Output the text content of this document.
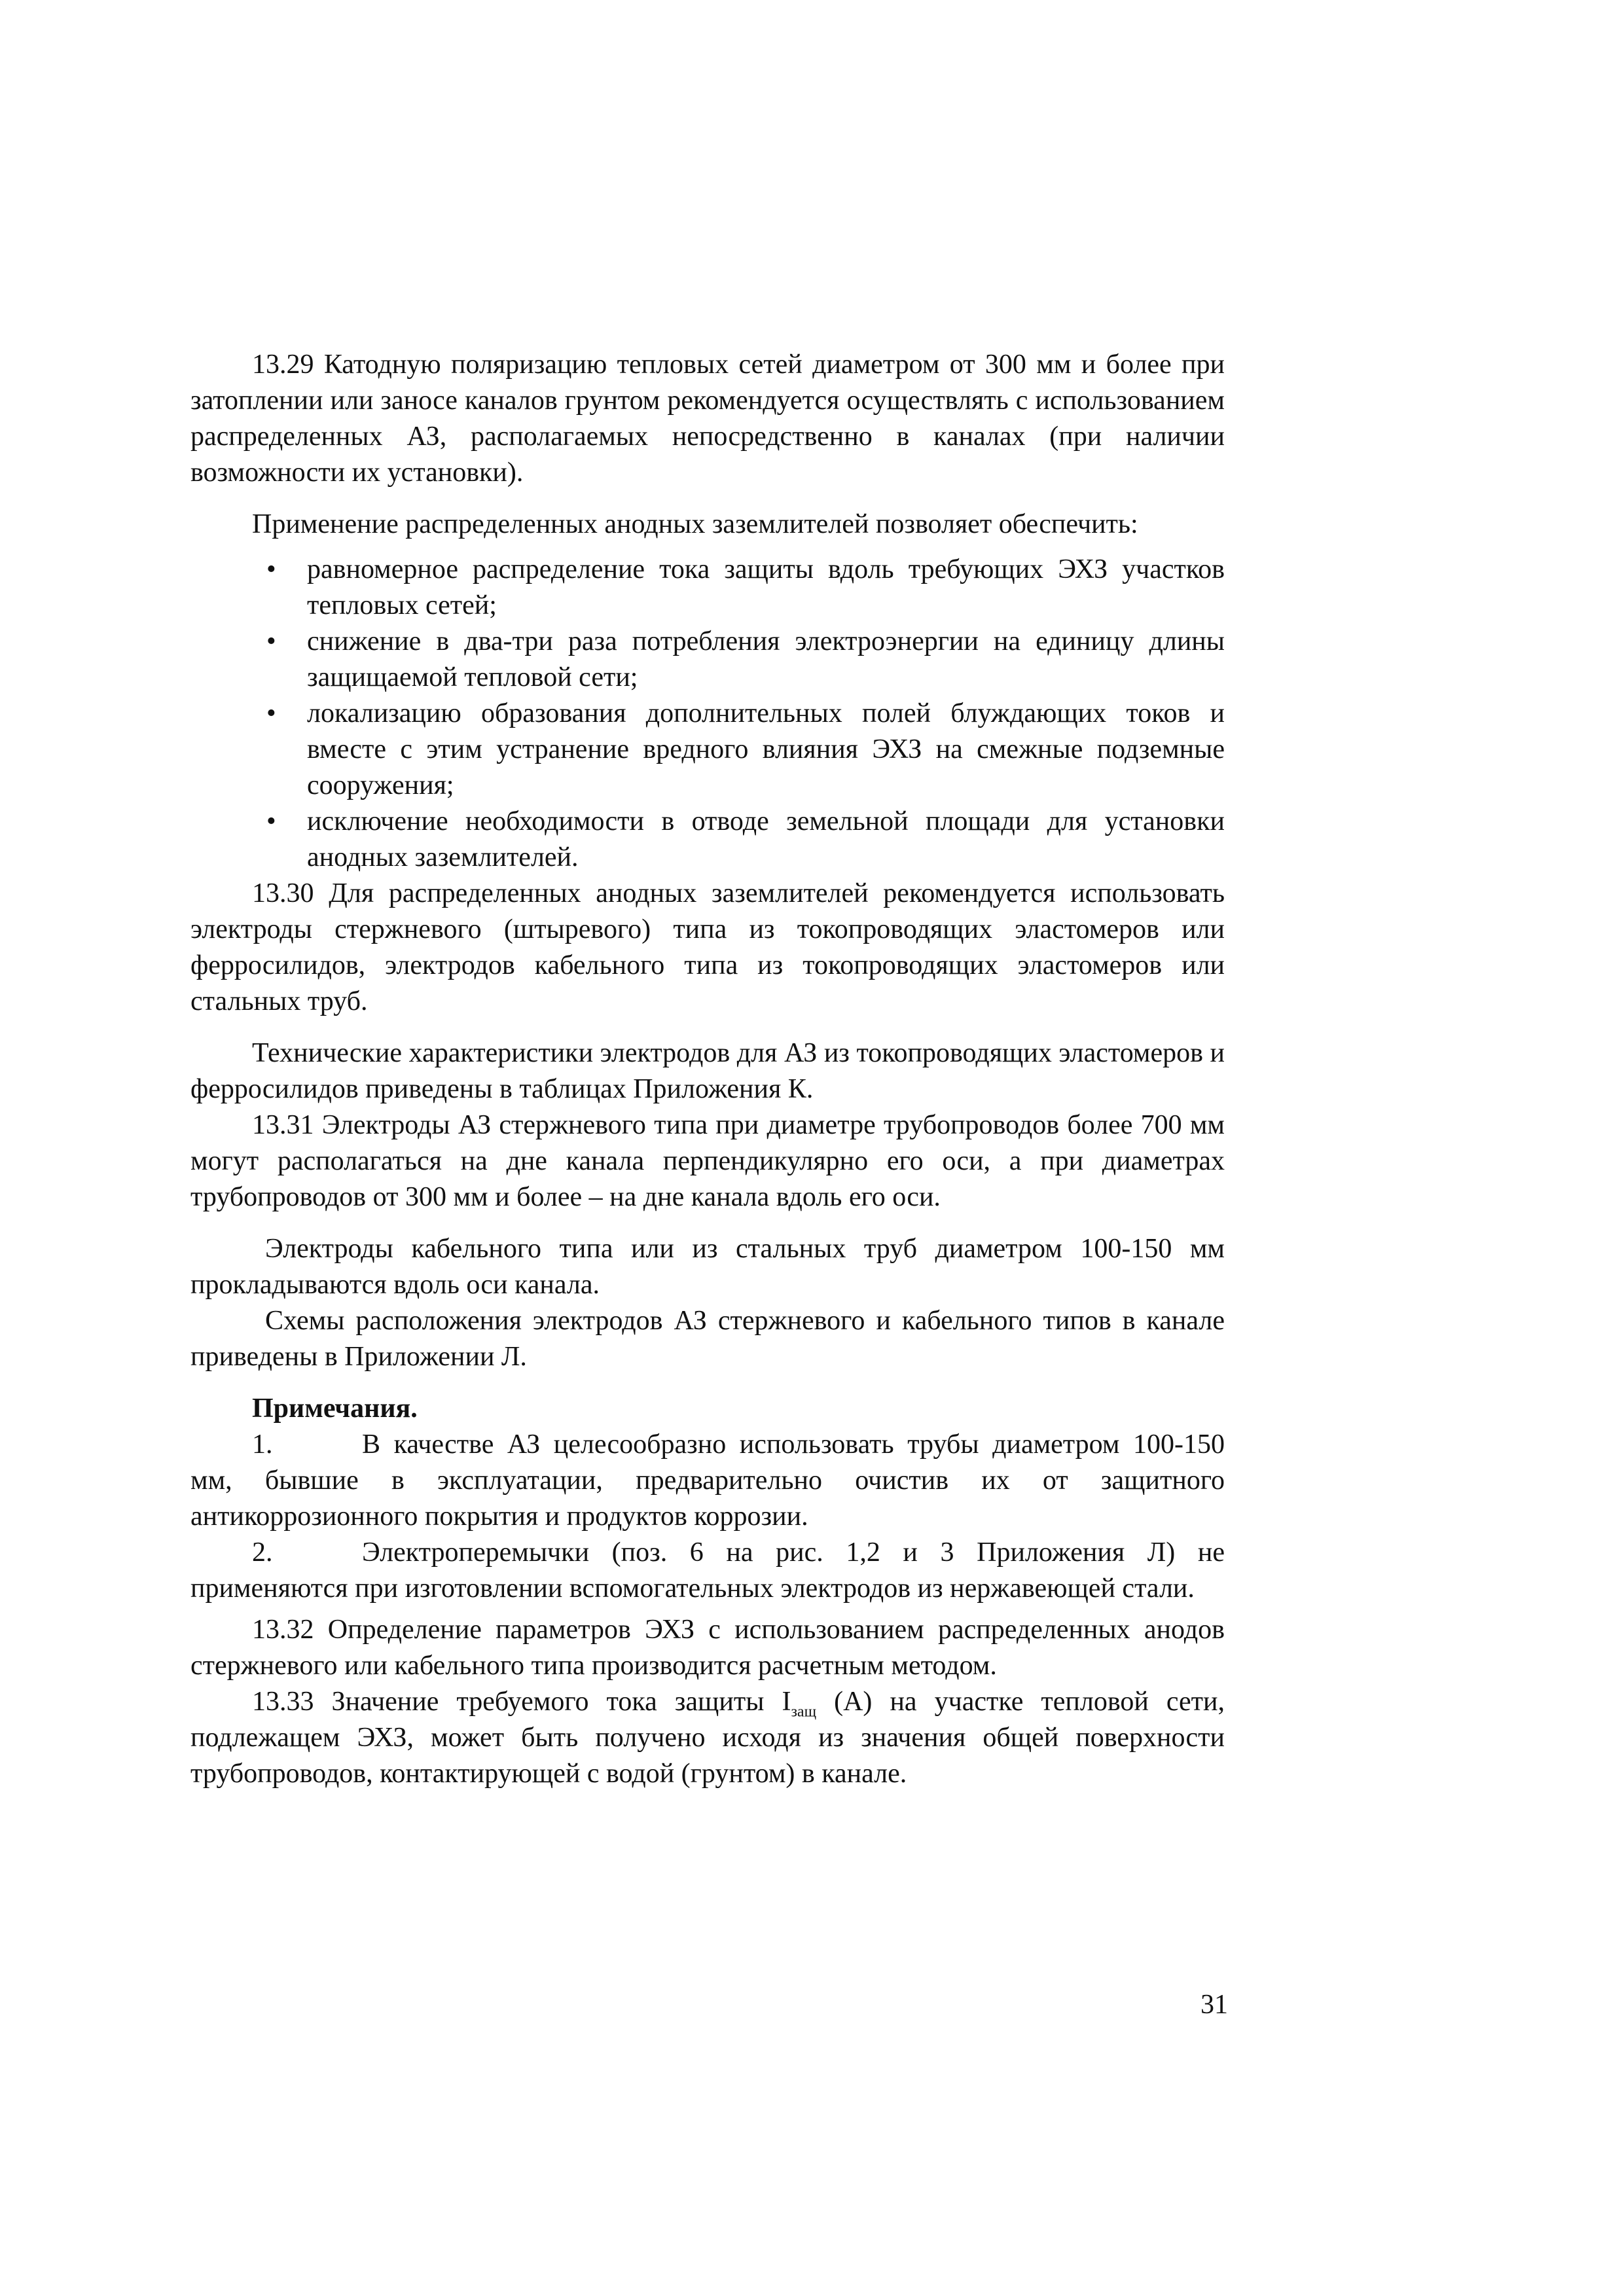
13.29 Катодную поляризацию тепловых сетей диаметром от 300 мм и более при затоплении или заносе каналов грунтом рекомендуется осуществлять с использованием распределенных АЗ, располагаемых непосредственно в каналах (при наличии возможности их установки).

Применение распределенных анодных заземлителей позволяет обеспечить:

• равномерное распределение тока защиты вдоль требующих ЭХЗ участков тепловых сетей;
• снижение в два-три раза потребления электроэнергии на единицу длины защищаемой тепловой сети;
• локализацию образования дополнительных полей блуждающих токов и вместе с этим устранение вредного влияния ЭХЗ на смежные подземные сооружения;
• исключение необходимости в отводе земельной площади для установки анодных заземлителей.

13.30 Для распределенных анодных заземлителей рекомендуется использовать электроды стержневого (штыревого) типа из токопроводящих эластомеров или ферросилидов, электродов кабельного типа из токопроводящих эластомеров или стальных труб.

Технические характеристики электродов для АЗ из токопроводящих эластомеров и ферросилидов приведены в таблицах Приложения К.

13.31 Электроды АЗ стержневого типа при диаметре трубопроводов более 700 мм могут располагаться на дне канала перпендикулярно его оси, а при диаметрах трубопроводов от 300 мм и более – на дне канала вдоль его оси.

Электроды кабельного типа или из стальных труб диаметром 100-150 мм прокладываются вдоль оси канала.

Схемы расположения электродов АЗ стержневого и кабельного типов в канале приведены в Приложении Л.

Примечания.

1.	В качестве АЗ целесообразно использовать трубы диаметром 100-150 мм, бывшие в эксплуатации, предварительно очистив их от защитного антикоррозионного покрытия и продуктов коррозии.

2.	Электроперемычки (поз. 6 на рис. 1,2 и 3 Приложения Л) не применяются при изготовлении вспомогательных электродов из нержавеющей стали.

13.32 Определение параметров ЭХЗ с использованием распределенных анодов стержневого или кабельного типа производится расчетным методом.

13.33 Значение требуемого тока защиты $I_{защ}$ (А) на участке тепловой сети, подлежащем ЭХЗ, может быть получено исходя из значения общей поверхности трубопроводов, контактирующей с водой (грунтом) в канале.

31
